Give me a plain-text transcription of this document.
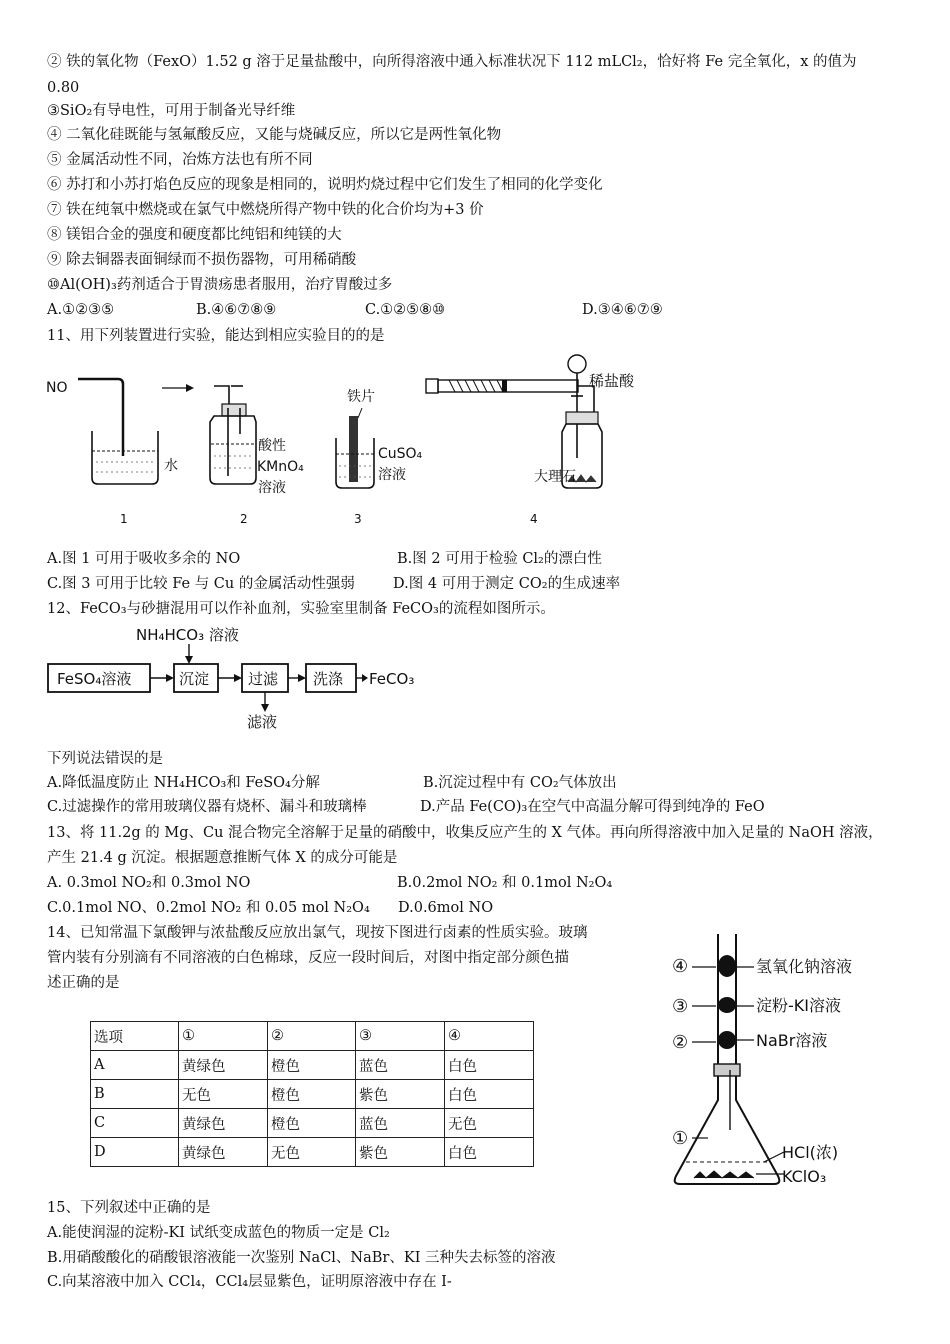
② 铁的氧化物（FexO）1.52 g 溶于足量盐酸中，向所得溶液中通入标准状况下 112 mLCl₂，恰好将 Fe 完全氧化，x 的值为
0.80
③SiO₂有导电性，可用于制备光导纤维
④ 二氧化硅既能与氢氟酸反应，又能与烧碱反应，所以它是两性氧化物
⑤ 金属活动性不同，冶炼方法也有所不同
⑥ 苏打和小苏打焰色反应的现象是相同的，说明灼烧过程中它们发生了相同的化学变化
⑦ 铁在纯氧中燃烧或在氯气中燃烧所得产物中铁的化合价均为+3 价
⑧ 镁铝合金的强度和硬度都比纯铝和纯镁的大
⑨ 除去铜器表面铜绿而不损伤器物，可用稀硝酸
⑩Al(OH)₃药剂适合于胃溃疡患者服用，治疗胃酸过多
A.①②③⑤	B.④⑥⑦⑧⑨	C.①②⑤⑧⑩	D.③④⑥⑦⑨
11、用下列装置进行实验，能达到相应实验目的的是
NO
水
1
酸性
KMnO₄
溶液
2
铁片
CuSO₄
溶液
3
稀盐酸
大理石
4
A.图 1 可用于吸收多余的 NO	B.图 2 可用于检验 Cl₂的漂白性
C.图 3 可用于比较 Fe 与 Cu 的金属活动性强弱	D.图 4 可用于测定 CO₂的生成速率
12、FeCO₃与砂搪混用可以作补血剂，实验室里制备 FeCO₃的流程如图所示。
NH₄HCO₃ 溶液
FeSO₄溶液	沉淀	过滤
滤液
洗涤 FeCO₃
下列说法错误的是
A.降低温度防止 NH₄HCO₃和 FeSO₄分解	B.沉淀过程中有 CO₂气体放出
C.过滤操作的常用玻璃仪器有烧杯、漏斗和玻璃棒	D.产品 Fe(CO)₃在空气中高温分解可得到纯净的 FeO
13、将 11.2g 的 Mg、Cu 混合物完全溶解于足量的硝酸中，收集反应产生的 X 气体。再向所得溶液中加入足量的 NaOH 溶液，
产生 21.4 g 沉淀。根据题意推断气体 X 的成分可能是
A. 0.3mol NO₂和 0.3mol NO	B.0.2mol NO₂ 和 0.1mol N₂O₄
C.0.1mol NO、0.2mol NO₂ 和 0.05 mol N₂O₄ D.0.6mol NO
14、已知常温下氯酸钾与浓盐酸反应放出氯气，现按下图进行卤素的性质实验。玻璃
管内装有分别滴有不同溶液的白色棉球，反应一段时间后，对图中指定部分颜色描
述正确的是
选项	①	②	③	④
A	黄绿色	橙色	蓝色	白色
B	无色	橙色	紫色	白色
C	黄绿色	橙色	蓝色	无色
D	黄绿色	无色	紫色	白色
④
③
②
氢氧化钠溶液
淀粉-KI溶液
NaBr溶液
①
HCl(浓)
KClO₃
15、下列叙述中正确的是
A.能使润湿的淀粉-KI 试纸变成蓝色的物质一定是 Cl₂
B.用硝酸酸化的硝酸银溶液能一次鉴别 NaCl、NaBr、KI 三种失去标签的溶液
C.向某溶液中加入 CCl₄，CCl₄层显紫色，证明原溶液中存在 I-
